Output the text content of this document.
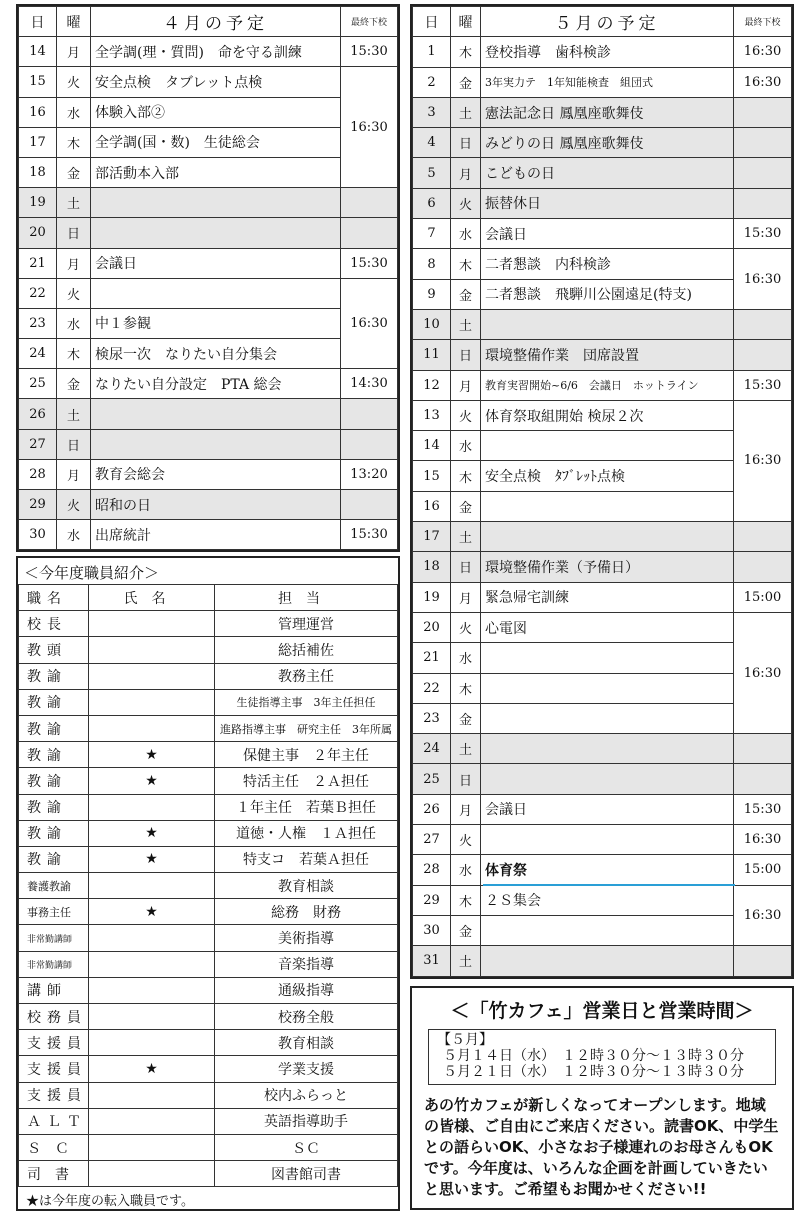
日	曜	４月の予定	最終下校
14	月	全学調(理・質問)　命を守る訓練	15:30
15	火	安全点検　タブレット点検	16:30
16	水	体験入部②	
17	木	全学調(国・数)　生徒総会	
18	金	部活動本入部	
19	土		
20	日		
21	月	会議日	15:30
22	火		16:30
23	水	中１参観	
24	木	検尿一次　なりたい自分集会	
25	金	なりたい自分設定　PTA 総会	14:30
26	土		
27	日		
28	月	教育会総会	13:20
29	火	昭和の日	
30	水	出席統計	15:30
日	曜	５月の予定	最終下校
1	木	登校指導　歯科検診	16:30
2	金	3年実力テ　1年知能検査　組団式	16:30
3	土	憲法記念日 鳳凰座歌舞伎	
4	日	みどりの日 鳳凰座歌舞伎	
5	月	こどもの日	
6	火	振替休日	
7	水	会議日	15:30
8	木	二者懇談　内科検診	16:30
9	金	二者懇談　飛騨川公園遠足(特支)	
10	土		
11	日	環境整備作業　団席設置	
12	月	教育実習開始~6/6　会議日　ホットライン	15:30
13	火	体育祭取組開始 検尿２次	16:30
14	水		
15	木	安全点検　ﾀﾌﾞﾚｯﾄ点検	
16	金		
17	土		
18	日	環境整備作業（予備日）	
19	月	緊急帰宅訓練	15:00
20	火	心電図	16:30
21	水		
22	木		
23	金		
24	土		
25	日		
26	月	会議日	15:30
27	火		16:30
28	水	体育祭	15:00
29	木	２Ｓ集会	16:30
30	金		
31	土		
＜今年度職員紹介＞
職名	氏名	担当
校長		管理運営
教頭		総括補佐
教諭		教務主任
教諭		生徒指導主事　3年主任担任
教諭		進路指導主事　研究主任　3年所属
教諭	★	保健主事　２年主任
教諭	★	特活主任　２Ａ担任
教諭		１年主任　若葉Ｂ担任
教諭	★	道徳・人権　１Ａ担任
教諭	★	特支コ　若葉Ａ担任
養護教諭		教育相談
事務主任	★	総務　財務
非常勤講師		美術指導
非常勤講師		音楽指導
講師		通級指導
校務員		校務全般
支援員		教育相談
支援員	★	学業支援
支援員		校内ふらっと
ＡＬＴ		英語指導助手
ＳＣ		ＳＣ
司書		図書館司書
★は今年度の転入職員です。
＜「竹カフェ」営業日と営業時間＞
【５月】
５月１４日（水）　１２時３０分～１３時３０分
５月２１日（水）　１２時３０分～１３時３０分
あの竹カフェが新しくなってオープンします。地域の皆様、ご自由にご来店ください。読書OK、中学生との語らいOK、小さなお子様連れのお母さんもOKです。今年度は、いろんな企画を計画していきたいと思います。ご希望もお聞かせください!!
